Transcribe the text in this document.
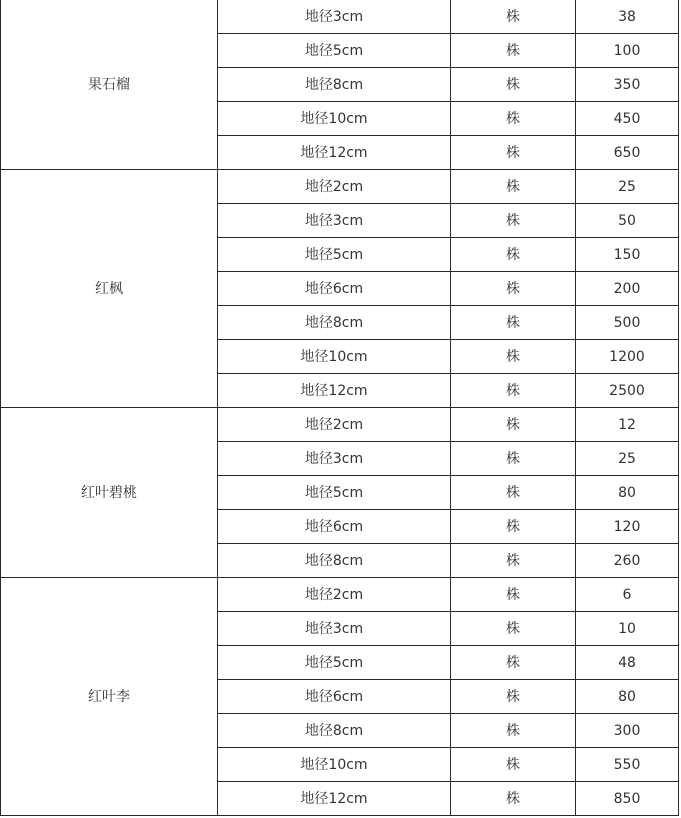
果石榴	地径3cm	株	38
	地径5cm	株	100
	地径8cm	株	350
	地径10cm	株	450
	地径12cm	株	650
红枫	地径2cm	株	25
	地径3cm	株	50
	地径5cm	株	150
	地径6cm	株	200
	地径8cm	株	500
	地径10cm	株	1200
	地径12cm	株	2500
红叶碧桃	地径2cm	株	12
	地径3cm	株	25
	地径5cm	株	80
	地径6cm	株	120
	地径8cm	株	260
红叶李	地径2cm	株	6
	地径3cm	株	10
	地径5cm	株	48
	地径6cm	株	80
	地径8cm	株	300
	地径10cm	株	550
	地径12cm	株	850
